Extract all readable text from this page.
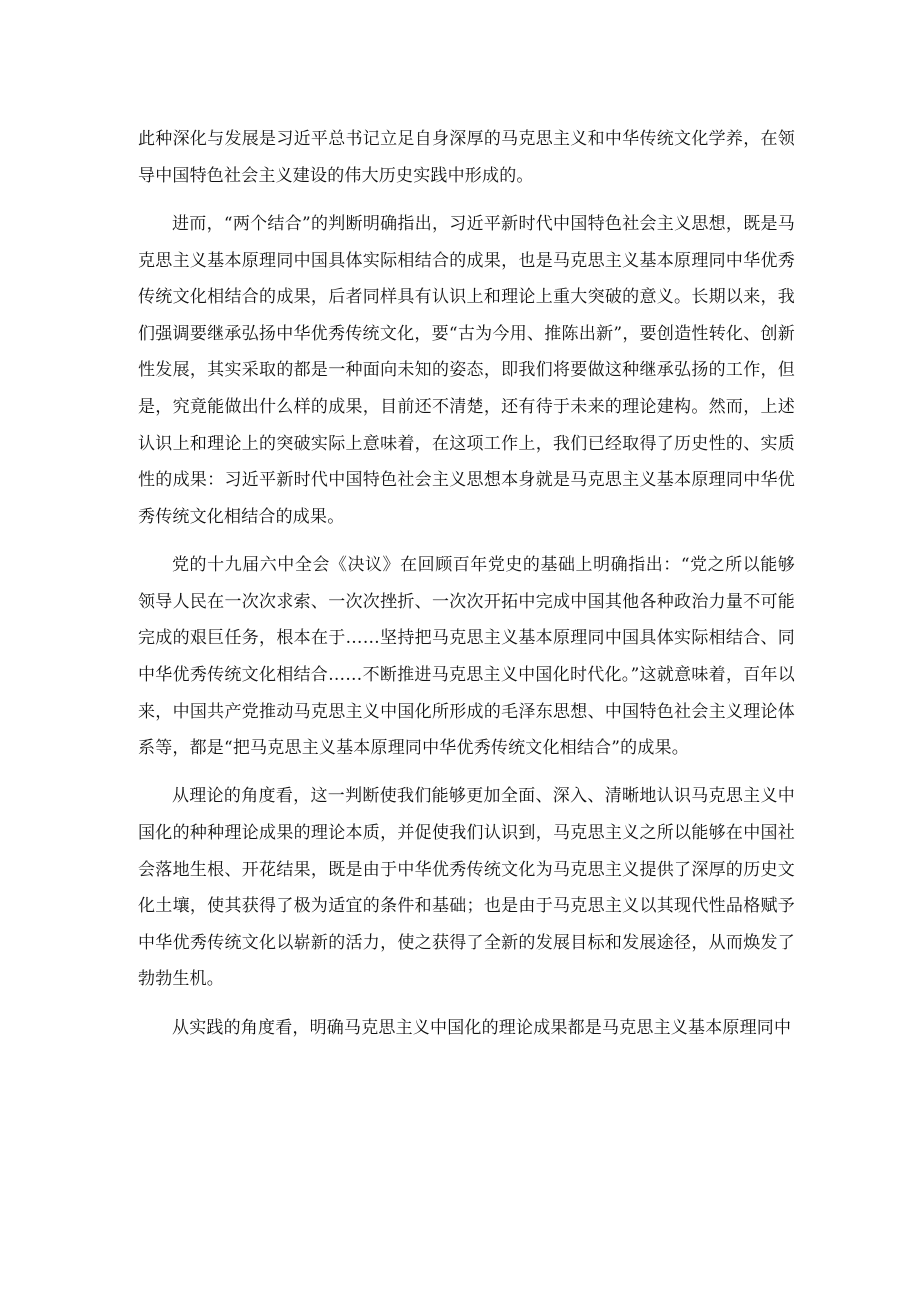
此种深化与发展是习近平总书记立足自身深厚的马克思主义和中华传统文化学养，在领导中国特色社会主义建设的伟大历史实践中形成的。

进而，“两个结合”的判断明确指出，习近平新时代中国特色社会主义思想，既是马克思主义基本原理同中国具体实际相结合的成果，也是马克思主义基本原理同中华优秀传统文化相结合的成果，后者同样具有认识上和理论上重大突破的意义。长期以来，我们强调要继承弘扬中华优秀传统文化，要“古为今用、推陈出新”，要创造性转化、创新性发展，其实采取的都是一种面向未知的姿态，即我们将要做这种继承弘扬的工作，但是，究竟能做出什么样的成果，目前还不清楚，还有待于未来的理论建构。然而，上述认识上和理论上的突破实际上意味着，在这项工作上，我们已经取得了历史性的、实质性的成果：习近平新时代中国特色社会主义思想本身就是马克思主义基本原理同中华优秀传统文化相结合的成果。

党的十九届六中全会《决议》在回顾百年党史的基础上明确指出：“党之所以能够领导人民在一次次求索、一次次挫折、一次次开拓中完成中国其他各种政治力量不可能完成的艰巨任务，根本在于……坚持把马克思主义基本原理同中国具体实际相结合、同中华优秀传统文化相结合……不断推进马克思主义中国化时代化。”这就意味着，百年以来，中国共产党推动马克思主义中国化所形成的毛泽东思想、中国特色社会主义理论体系等，都是“把马克思主义基本原理同中华优秀传统文化相结合”的成果。

从理论的角度看，这一判断使我们能够更加全面、深入、清晰地认识马克思主义中国化的种种理论成果的理论本质，并促使我们认识到，马克思主义之所以能够在中国社会落地生根、开花结果，既是由于中华优秀传统文化为马克思主义提供了深厚的历史文化土壤，使其获得了极为适宜的条件和基础；也是由于马克思主义以其现代性品格赋予中华优秀传统文化以崭新的活力，使之获得了全新的发展目标和发展途径，从而焕发了勃勃生机。

从实践的角度看，明确马克思主义中国化的理论成果都是马克思主义基本原理同中
